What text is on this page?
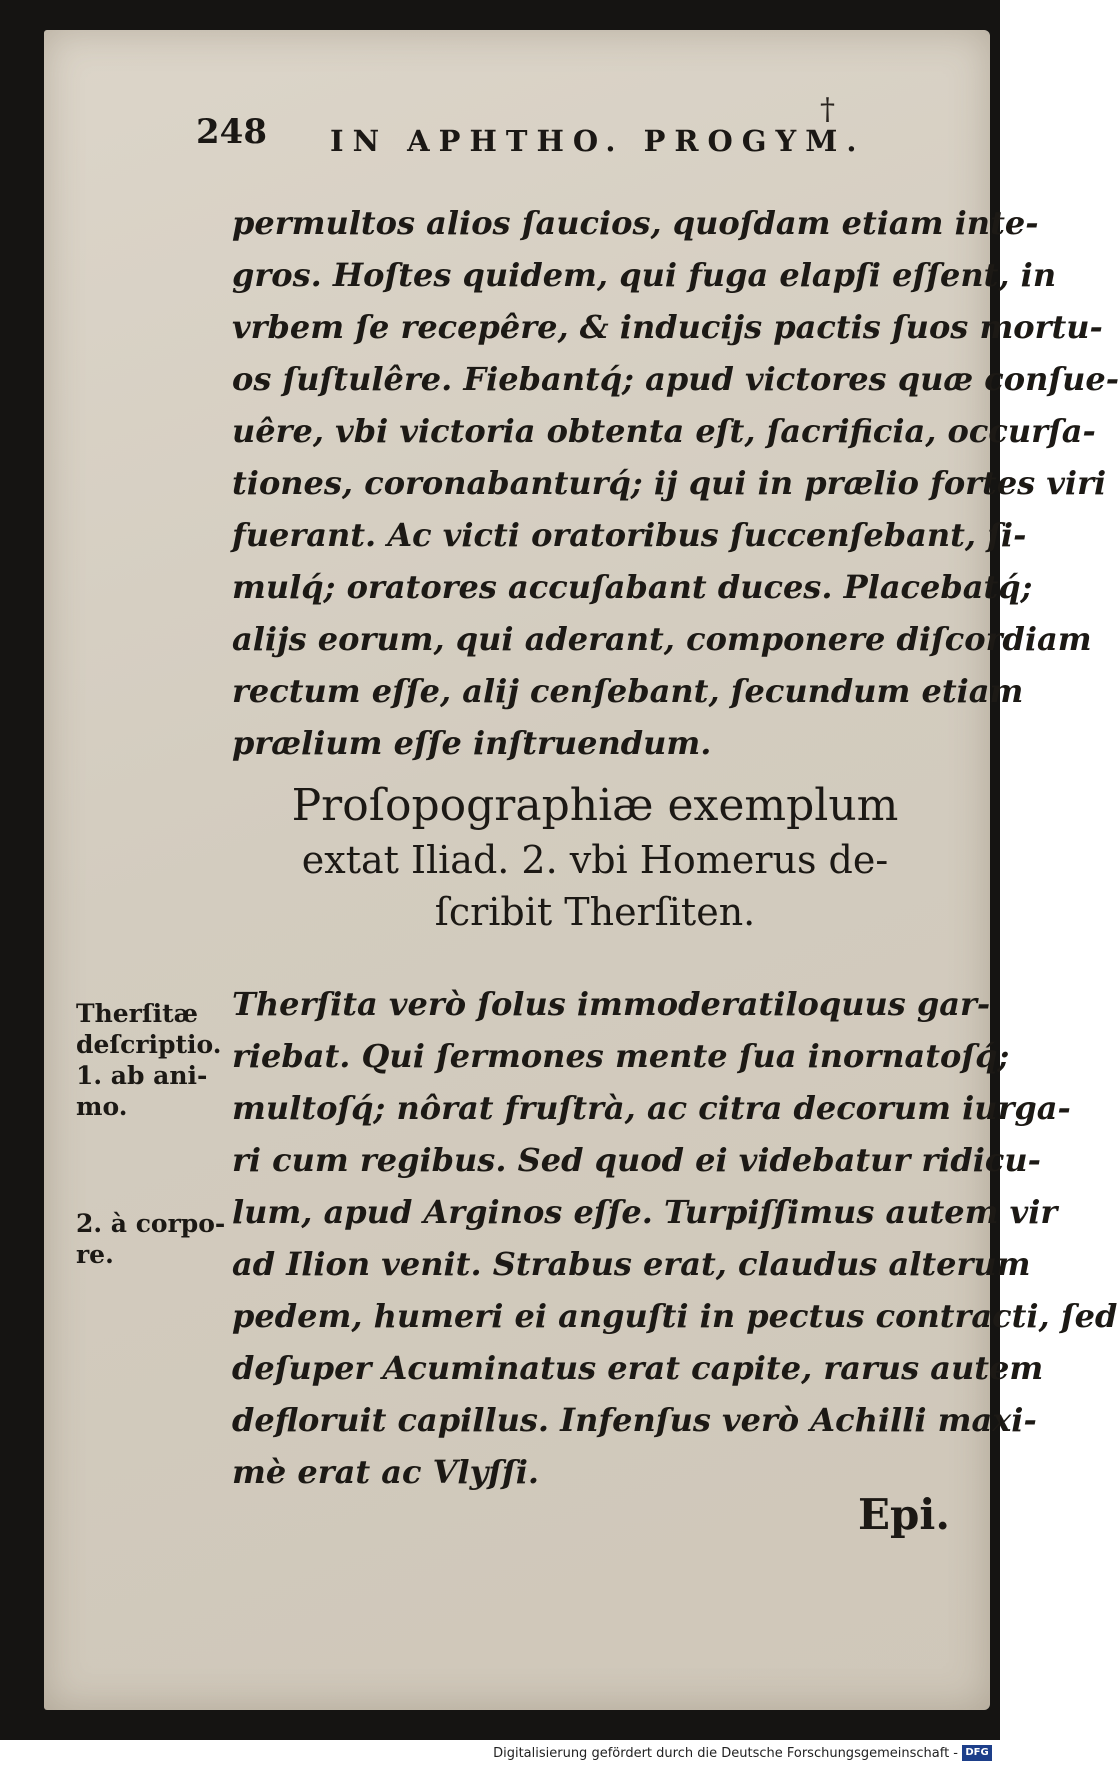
†
248 IN APHTHO. PROGYM.
permultos alios ſaucios, quoſdam etiam inte-
gros. Hoſtes quidem, qui fuga elapſi eſſent, in
vrbem ſe recepêre, & inducijs pactis ſuos mortu-
os ſuſtulêre. Fiebantq́; apud victores quæ conſue-
uêre, vbi victoria obtenta eſt, ſacrificia, occurſa-
tiones, coronabanturq́; ij qui in prælio fortes viri
fuerant. Ac victi oratoribus ſuccenſebant, ſi-
mulq́; oratores accuſabant duces. Placebatq́;
alijs eorum, qui aderant, componere diſcordiam
rectum eſſe, alij cenſebant, ſecundum etiam
prælium eſſe inſtruendum.
Proſopographiæ exemplum
extat Iliad. 2. vbi Homerus de-
ſcribit Therſiten.
Therſitæ
deſcriptio.
1. ab ani-
mo.
2. à corpo-
re.
Therſita verò ſolus immoderatiloquus gar-
riebat. Qui ſermones mente ſua inornatoſq́;
multoſq́; nôrat fruſtrà, ac citra decorum iurga-
ri cum regibus. Sed quod ei videbatur ridicu-
lum, apud Arginos eſſe. Turpiſſimus autem vir
ad Ilion venit. Strabus erat, claudus alterum
pedem, humeri ei anguſti in pectus contracti, ſed
deſuper Acuminatus erat capite, rarus autem
defloruit capillus. Infenſus verò Achilli maxi-
mè erat ac Vlyſſi.
Epi.
Digitalisierung gefördert durch die Deutsche Forschungsgemeinschaft - DFG
